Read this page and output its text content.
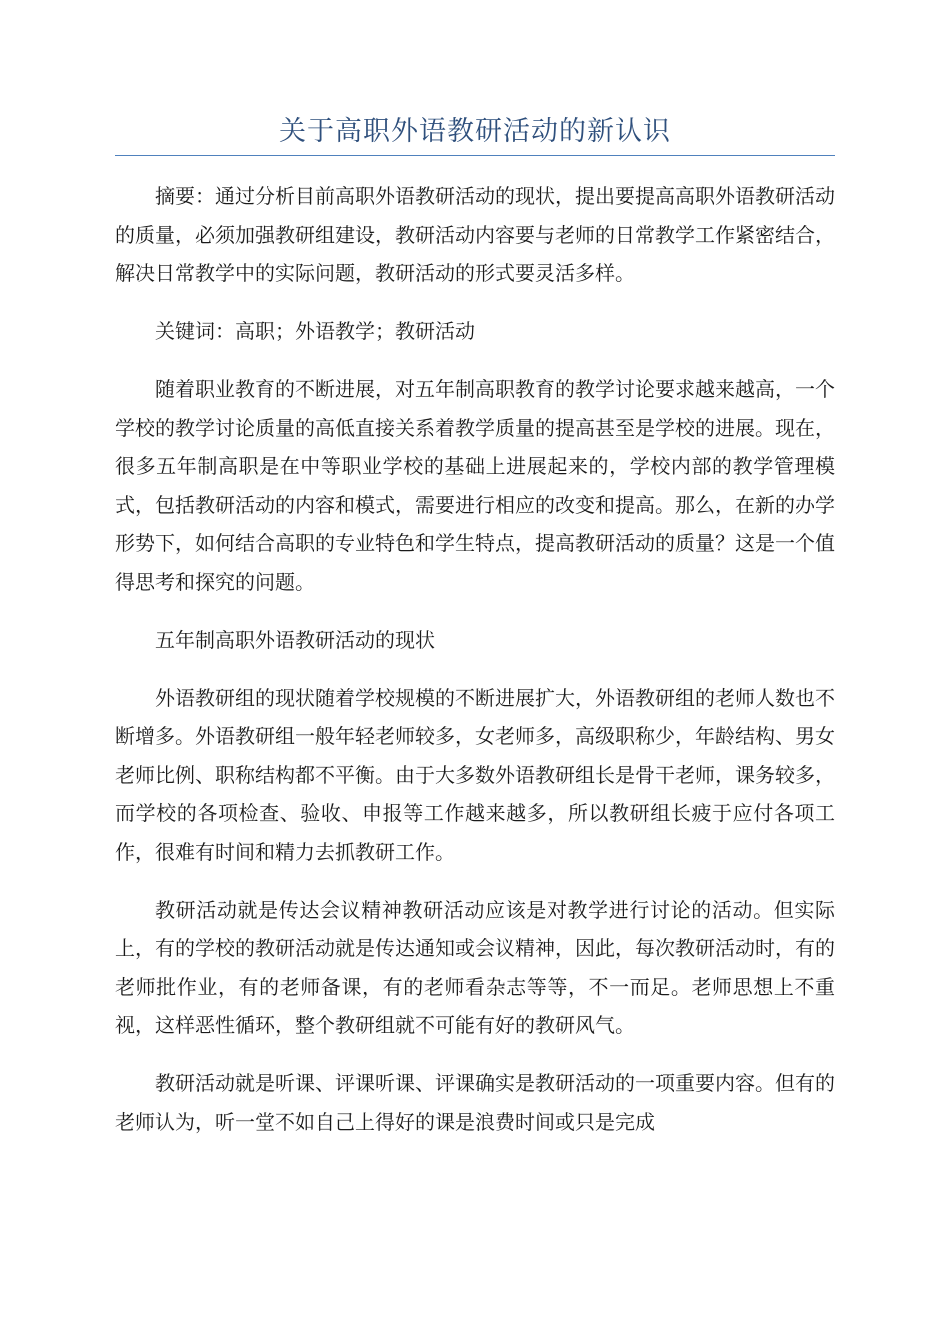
关于高职外语教研活动的新认识

摘要：通过分析目前高职外语教研活动的现状，提出要提高高职外语教研活动的质量，必须加强教研组建设，教研活动内容要与老师的日常教学工作紧密结合，解决日常教学中的实际问题，教研活动的形式要灵活多样。

关键词：高职；外语教学；教研活动

随着职业教育的不断进展，对五年制高职教育的教学讨论要求越来越高，一个学校的教学讨论质量的高低直接关系着教学质量的提高甚至是学校的进展。现在，很多五年制高职是在中等职业学校的基础上进展起来的，学校内部的教学管理模式，包括教研活动的内容和模式，需要进行相应的改变和提高。那么，在新的办学形势下，如何结合高职的专业特色和学生特点，提高教研活动的质量？这是一个值得思考和探究的问题。

五年制高职外语教研活动的现状

外语教研组的现状随着学校规模的不断进展扩大，外语教研组的老师人数也不断增多。外语教研组一般年轻老师较多，女老师多，高级职称少，年龄结构、男女老师比例、职称结构都不平衡。由于大多数外语教研组长是骨干老师，课务较多，而学校的各项检查、验收、申报等工作越来越多，所以教研组长疲于应付各项工作，很难有时间和精力去抓教研工作。

教研活动就是传达会议精神教研活动应该是对教学进行讨论的活动。但实际上，有的学校的教研活动就是传达通知或会议精神，因此，每次教研活动时，有的老师批作业，有的老师备课，有的老师看杂志等等，不一而足。老师思想上不重视，这样恶性循环，整个教研组就不可能有好的教研风气。

教研活动就是听课、评课听课、评课确实是教研活动的一项重要内容。但有的老师认为，听一堂不如自己上得好的课是浪费时间或只是完成
